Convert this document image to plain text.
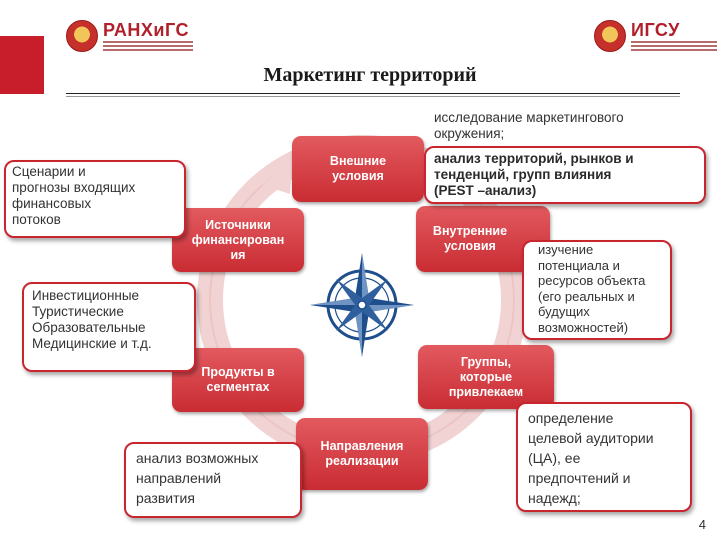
РАНХиГС	ИГСУ
Маркетинг территорий
Внешние
условия
Внутренние
условия
Источники
финансирован
ия
Группы,
которые
привлекаем
Продукты в
сегментах
Направления
реализации
исследование маркетингового
окружения;
анализ территорий, рынков и
тенденций, групп влияния
(PEST –анализ)
Сценарии и
прогнозы входящих
финансовых
потоков
Инвестиционные
Туристические
Образовательные
Медицинские и т.д.
изучение
потенциала и
ресурсов объекта
(его реальных и
будущих
возможностей)
определение
целевой аудитории
(ЦА), ее
предпочтений и
надежд;
анализ возможных
направлений
развития
4
